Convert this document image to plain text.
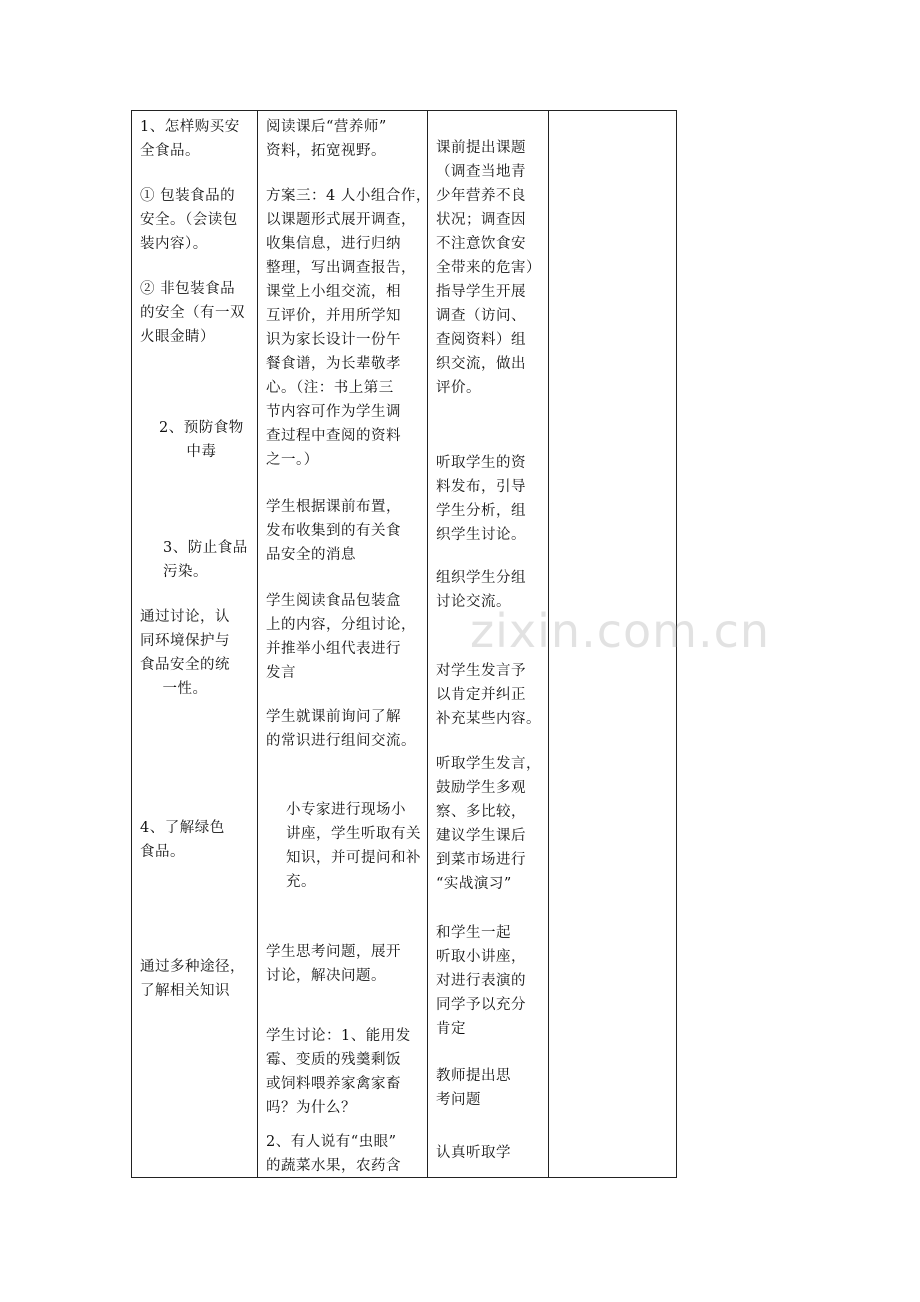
1、怎样购买安
全食品。
① 包装食品的
安全。（会读包
装内容）。
② 非包装食品
的安全（有一双
火眼金睛）
2、预防食物
中毒
3、防止食品
污染。
通过讨论，认
同环境保护与
食品安全的统
一性。
4、了解绿色
食品。
通过多种途径，
了解相关知识
阅读课后“营养师”
资料，拓宽视野。
方案三：4 人小组合作，
以课题形式展开调查，
收集信息，进行归纳
整理，写出调查报告，
课堂上小组交流，相
互评价，并用所学知
识为家长设计一份午
餐食谱，为长辈敬孝
心。（注：书上第三
节内容可作为学生调
查过程中查阅的资料
之一。）
学生根据课前布置，
发布收集到的有关食
品安全的消息
学生阅读食品包装盒
上的内容，分组讨论，
并推举小组代表进行
发言
学生就课前询问了解
的常识进行组间交流。
小专家进行现场小
讲座，学生听取有关
知识，并可提问和补
充。
学生思考问题，展开
讨论，解决问题。
学生讨论：1、能用发
霉、变质的残羹剩饭
或饲料喂养家禽家畜
吗？为什么？
2、有人说有“虫眼”
的蔬菜水果，农药含
课前提出课题
（调查当地青
少年营养不良
状况；调查因
不注意饮食安
全带来的危害）
指导学生开展
调查（访问、
查阅资料）组
织交流，做出
评价。
听取学生的资
料发布，引导
学生分析，组
织学生讨论。
组织学生分组
讨论交流。
对学生发言予
以肯定并纠正
补充某些内容。
听取学生发言，
鼓励学生多观
察、多比较，
建议学生课后
到菜市场进行
“实战演习”
和学生一起
听取小讲座，
对进行表演的
同学予以充分
肯定
教师提出思
考问题
认真听取学
zixin.com.cn
